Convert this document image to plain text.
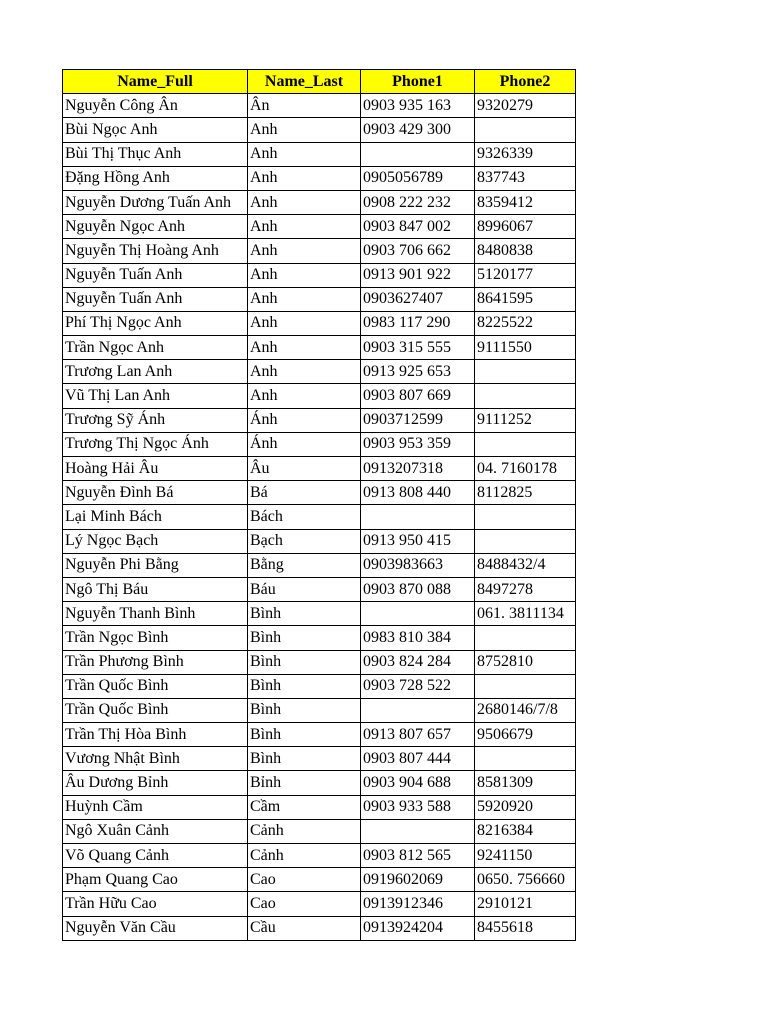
Name_Full	Name_Last	Phone1	Phone2
Nguyễn Công Ân	Ân	0903 935 163	9320279
Bùi Ngọc Anh	Anh	0903 429 300	
Bùi Thị Thục Anh	Anh		9326339
Đặng Hồng Anh	Anh	0905056789	837743
Nguyễn Dương Tuấn Anh	Anh	0908 222 232	8359412
Nguyễn Ngọc Anh	Anh	0903 847 002	8996067
Nguyễn Thị Hoàng Anh	Anh	0903 706 662	8480838
Nguyễn Tuấn Anh	Anh	0913 901 922	5120177
Nguyễn Tuấn Anh	Anh	0903627407	8641595
Phí Thị Ngọc Anh	Anh	0983 117 290	8225522
Trần Ngọc Anh	Anh	0903 315 555	9111550
Trương Lan Anh	Anh	0913 925 653	
Vũ Thị Lan Anh	Anh	0903 807 669	
Trương Sỹ Ánh	Ánh	0903712599	9111252
Trương Thị Ngọc Ánh	Ánh	0903 953 359	
Hoàng Hải Âu	Âu	0913207318	04. 7160178
Nguyễn Đình Bá	Bá	0913 808 440	8112825
Lại Minh Bách	Bách		
Lý Ngọc Bạch	Bạch	0913 950 415	
Nguyễn Phi Bằng	Bằng	0903983663	8488432/4
Ngô Thị Báu	Báu	0903 870 088	8497278
Nguyễn Thanh Bình	Bình		061. 3811134
Trần Ngọc Bình	Bình	0983 810 384	
Trần Phương Bình	Bình	0903 824 284	8752810
Trần Quốc Bình	Bình	0903 728 522	
Trần Quốc Bình	Bình		2680146/7/8
Trần Thị Hòa Bình	Bình	0913 807 657	9506679
Vương Nhật Bình	Bình	0903 807 444	
Âu Dương Bỉnh	Bỉnh	0903 904 688	8581309
Huỳnh Cầm	Cầm	0903 933 588	5920920
Ngô Xuân Cảnh	Cảnh		8216384
Võ Quang Cảnh	Cảnh	0903 812 565	9241150
Phạm Quang Cao	Cao	0919602069	0650. 756660
Trần Hữu Cao	Cao	0913912346	2910121
Nguyễn Văn Cầu	Cầu	0913924204	8455618
